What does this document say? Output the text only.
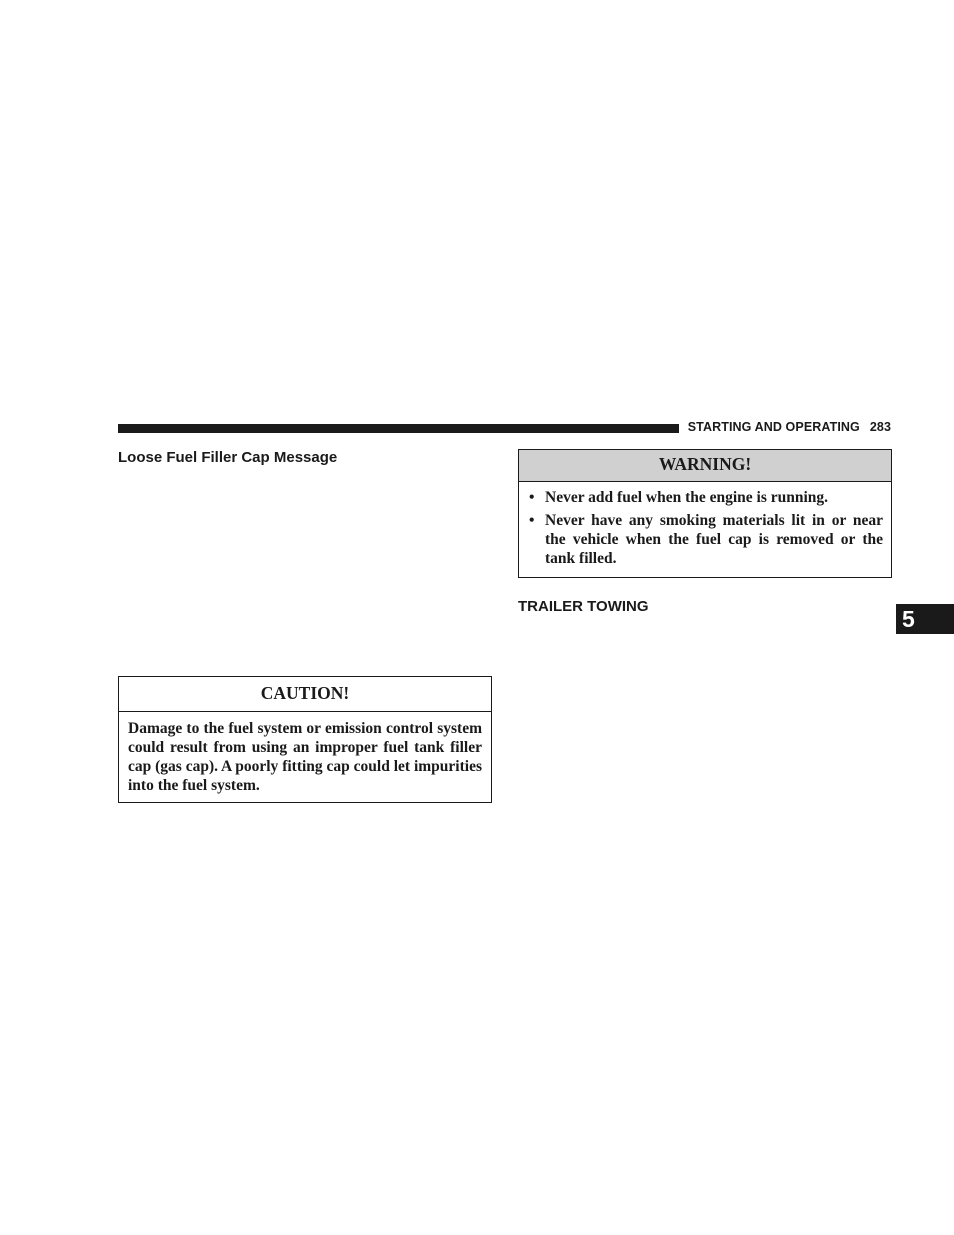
STARTING AND OPERATING 283
Loose Fuel Filler Cap Message
CAUTION!
Damage to the fuel system or emission control system could result from using an improper fuel tank filler cap (gas cap). A poorly fitting cap could let impurities into the fuel system.
WARNING!
• Never add fuel when the engine is running.
• Never have any smoking materials lit in or near the vehicle when the fuel cap is removed or the tank filled.
TRAILER TOWING	5
